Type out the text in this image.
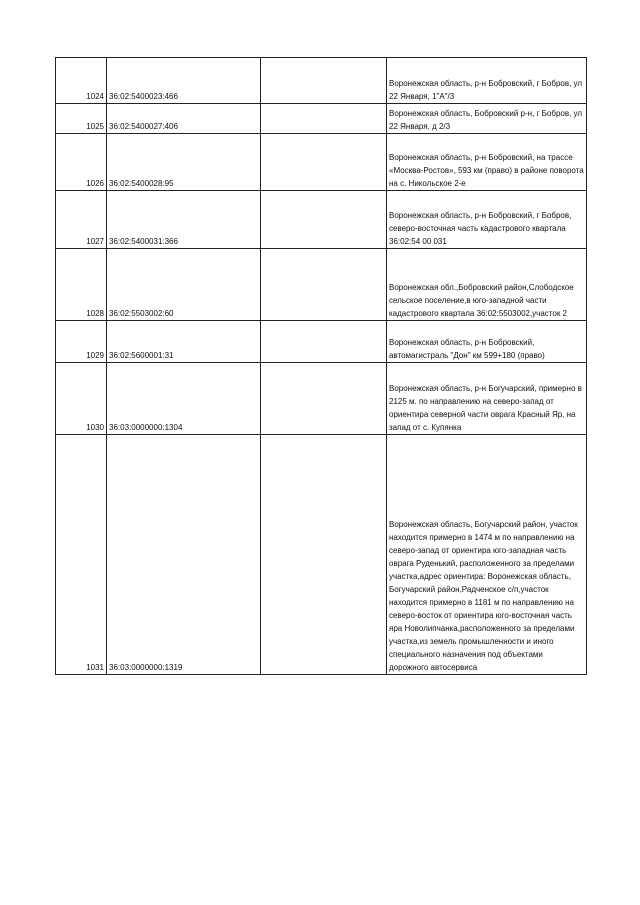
1024	36:02:5400023:466		Воронежская область, р-н Бобровский, г Бобров, ул 22 Января, 1"А"/3
1025	36:02:5400027:406		Воронежская область, Бобровский р-н, г Бобров, ул 22 Января, д 2/3
1026	36:02:5400028:95		Воронежская область, р-н Бобровский, на трассе «Москва-Ростов», 593 км (право) в районе поворота на с. Никольское 2-е
1027	36:02:5400031:366		Воронежская область, р-н Бобровский, г Бобров, северо-восточная часть кадастрового квартала 36:02:54 00 031
1028	36:02:5503002:60		Воронежская обл.,Бобровский район,Слободское сельское поселение,в юго-западной части кадастрового квартала 36:02:5503002,участок 2
1029	36:02:5600001:31		Воронежская область, р-н Бобровский, автомагистраль "Дон" км 599+180 (право)
1030	36:03:0000000:1304		Воронежская область, р-н Богучарский, примерно в 2125 м. по направлению на северо-запад от ориентира северной части оврага Красный Яр, на запад от с. Купянка
1031	36:03:0000000:1319		Воронежская область, Богучарский район, участок находится примерно в 1474 м по направлению на северо-запад от ориентира юго-западная часть оврага Руденький, расположенного за пределами участка,адрес ориентира: Воронежская область, Богучарский район,Радченское с/п,участок находится примерно в 1181 м по направлению на северо-восток от ориентира юго-восточная часть яра Новолипчанка,расположенного за пределами участка,из земель промышленности и иного специального назначения под объектами дорожного автосервиса
